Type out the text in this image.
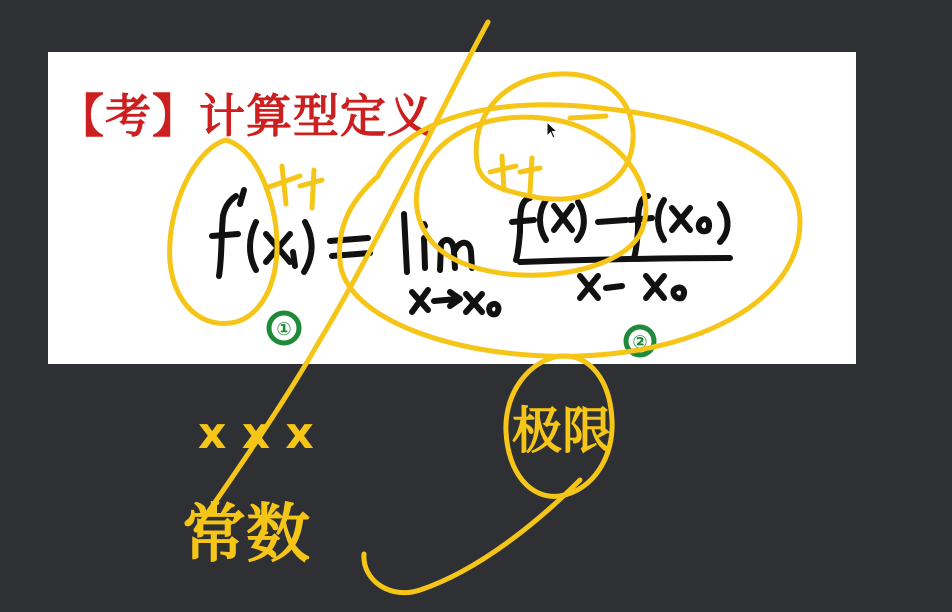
【考】计算型定义
①
②
x x x
常数
极限
